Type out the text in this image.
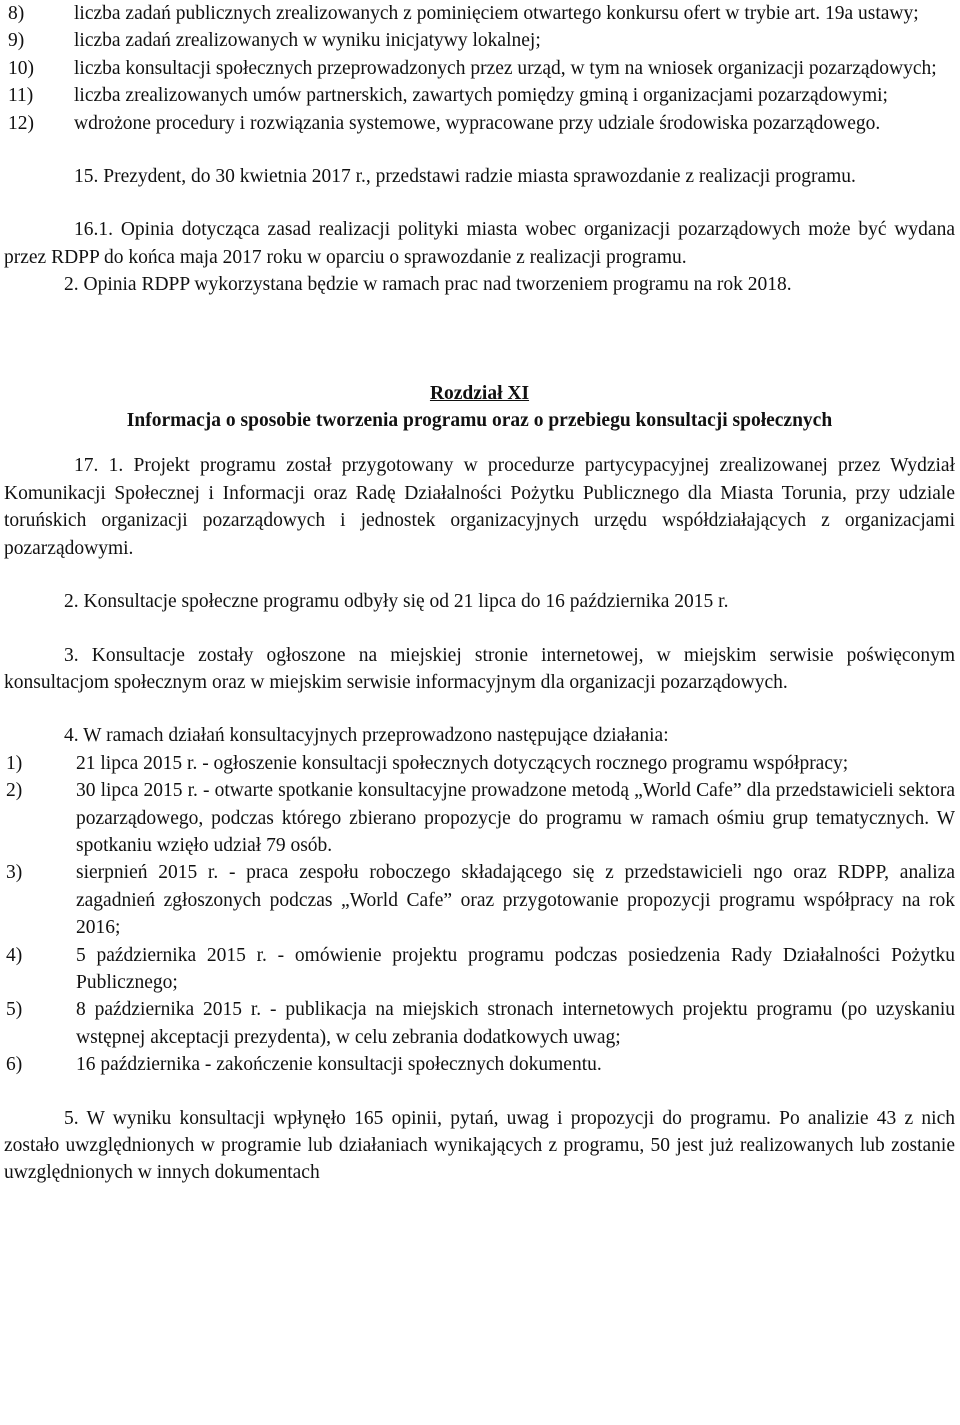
8)	liczba zadań publicznych zrealizowanych z pominięciem otwartego konkursu ofert w trybie art. 19a ustawy;
9)	liczba zadań zrealizowanych w wyniku inicjatywy lokalnej;
10)	liczba konsultacji społecznych przeprowadzonych przez urząd, w tym na wniosek organizacji pozarządowych;
11)	liczba zrealizowanych umów partnerskich, zawartych pomiędzy gminą i organizacjami pozarządowymi;
12)	wdrożone procedury i rozwiązania systemowe, wypracowane przy udziale środowiska pozarządowego.

15. Prezydent, do 30 kwietnia 2017 r., przedstawi radzie miasta sprawozdanie z realizacji programu.

16.1. Opinia dotycząca zasad realizacji polityki miasta wobec organizacji pozarządowych może być wydana przez RDPP do końca maja 2017 roku w oparciu o sprawozdanie z realizacji programu.

2. Opinia RDPP wykorzystana będzie w ramach prac nad tworzeniem programu na rok 2018.

Rozdział XI

Informacja o sposobie tworzenia programu oraz o przebiegu konsultacji społecznych

17. 1. Projekt programu został przygotowany w procedurze partycypacyjnej zrealizowanej przez Wydział Komunikacji Społecznej i Informacji oraz Radę Działalności Pożytku Publicznego dla Miasta Torunia, przy udziale toruńskich organizacji pozarządowych i jednostek organizacyjnych urzędu współdziałających z organizacjami pozarządowymi.

2. Konsultacje społeczne programu odbyły się od 21 lipca do 16 października 2015 r.

3. Konsultacje zostały ogłoszone na miejskiej stronie internetowej, w miejskim serwisie poświęconym konsultacjom społecznym oraz w miejskim serwisie informacyjnym dla organizacji pozarządowych.

4. W ramach działań konsultacyjnych przeprowadzono następujące działania:

1)	21 lipca 2015 r. - ogłoszenie konsultacji społecznych dotyczących rocznego programu współpracy;
2)	30 lipca 2015 r. - otwarte spotkanie konsultacyjne prowadzone metodą „World Cafe” dla przedstawicieli sektora pozarządowego, podczas którego zbierano propozycje do programu w ramach ośmiu grup tematycznych. W spotkaniu wzięło udział 79 osób.
3)	sierpnień 2015 r. - praca zespołu roboczego składającego się z przedstawicieli ngo oraz RDPP, analiza zagadnień zgłoszonych podczas „World Cafe” oraz przygotowanie propozycji programu współpracy na rok 2016;
4)	5 października 2015 r. - omówienie projektu programu podczas posiedzenia Rady Działalności Pożytku Publicznego;
5)	8 października 2015 r. - publikacja na miejskich stronach internetowych projektu programu (po uzyskaniu wstępnej akceptacji prezydenta), w celu zebrania dodatkowych uwag;
6)	16 października - zakończenie konsultacji społecznych dokumentu.

5. W wyniku konsultacji wpłynęło 165 opinii, pytań, uwag i propozycji do programu. Po analizie 43 z nich zostało uwzględnionych w programie lub działaniach wynikających z programu, 50 jest już realizowanych lub zostanie uwzględnionych w innych dokumentach
